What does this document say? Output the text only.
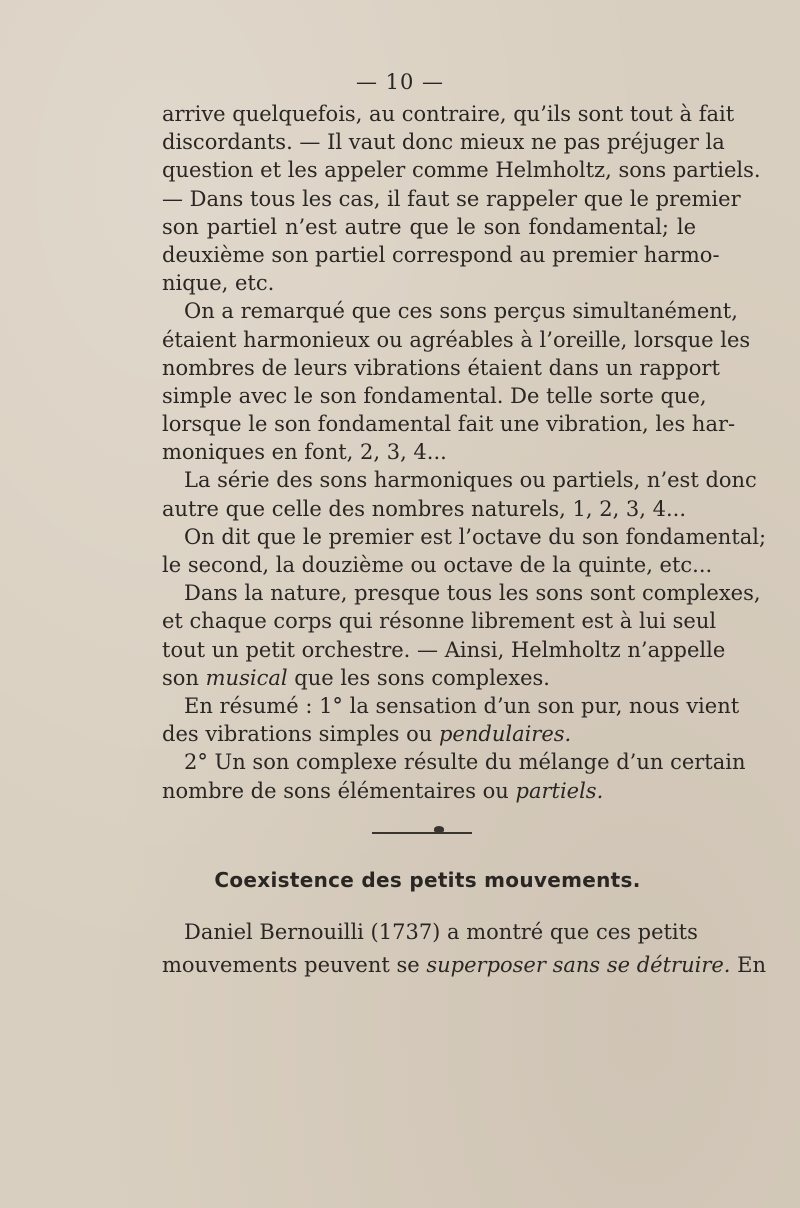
— 10 —
arrive quelquefois, au contraire, qu’ils sont tout à fait
discordants. — Il vaut donc mieux ne pas préjuger la
question et les appeler comme Helmholtz, sons partiels.
— Dans tous les cas, il faut se rappeler que le premier
son partiel n’est autre que le son fondamental; le
deuxième son partiel correspond au premier harmo-
nique, etc.
On a remarqué que ces sons perçus simultanément,
étaient harmonieux ou agréables à l’oreille, lorsque les
nombres de leurs vibrations étaient dans un rapport
simple avec le son fondamental. De telle sorte que,
lorsque le son fondamental fait une vibration, les har-
moniques en font, 2, 3, 4...
La série des sons harmoniques ou partiels, n’est donc
autre que celle des nombres naturels, 1, 2, 3, 4...
On dit que le premier est l’octave du son fondamental;
le second, la douzième ou octave de la quinte, etc...
Dans la nature, presque tous les sons sont complexes,
et chaque corps qui résonne librement est à lui seul
tout un petit orchestre. — Ainsi, Helmholtz n’appelle
son musical que les sons complexes.
En résumé : 1° la sensation d’un son pur, nous vient
des vibrations simples ou pendulaires.
2° Un son complexe résulte du mélange d’un certain
nombre de sons élémentaires ou partiels.
Coexistence des petits mouvements.
Daniel Bernouilli (1737) a montré que ces petits
mouvements peuvent se superposer sans se détruire. En
